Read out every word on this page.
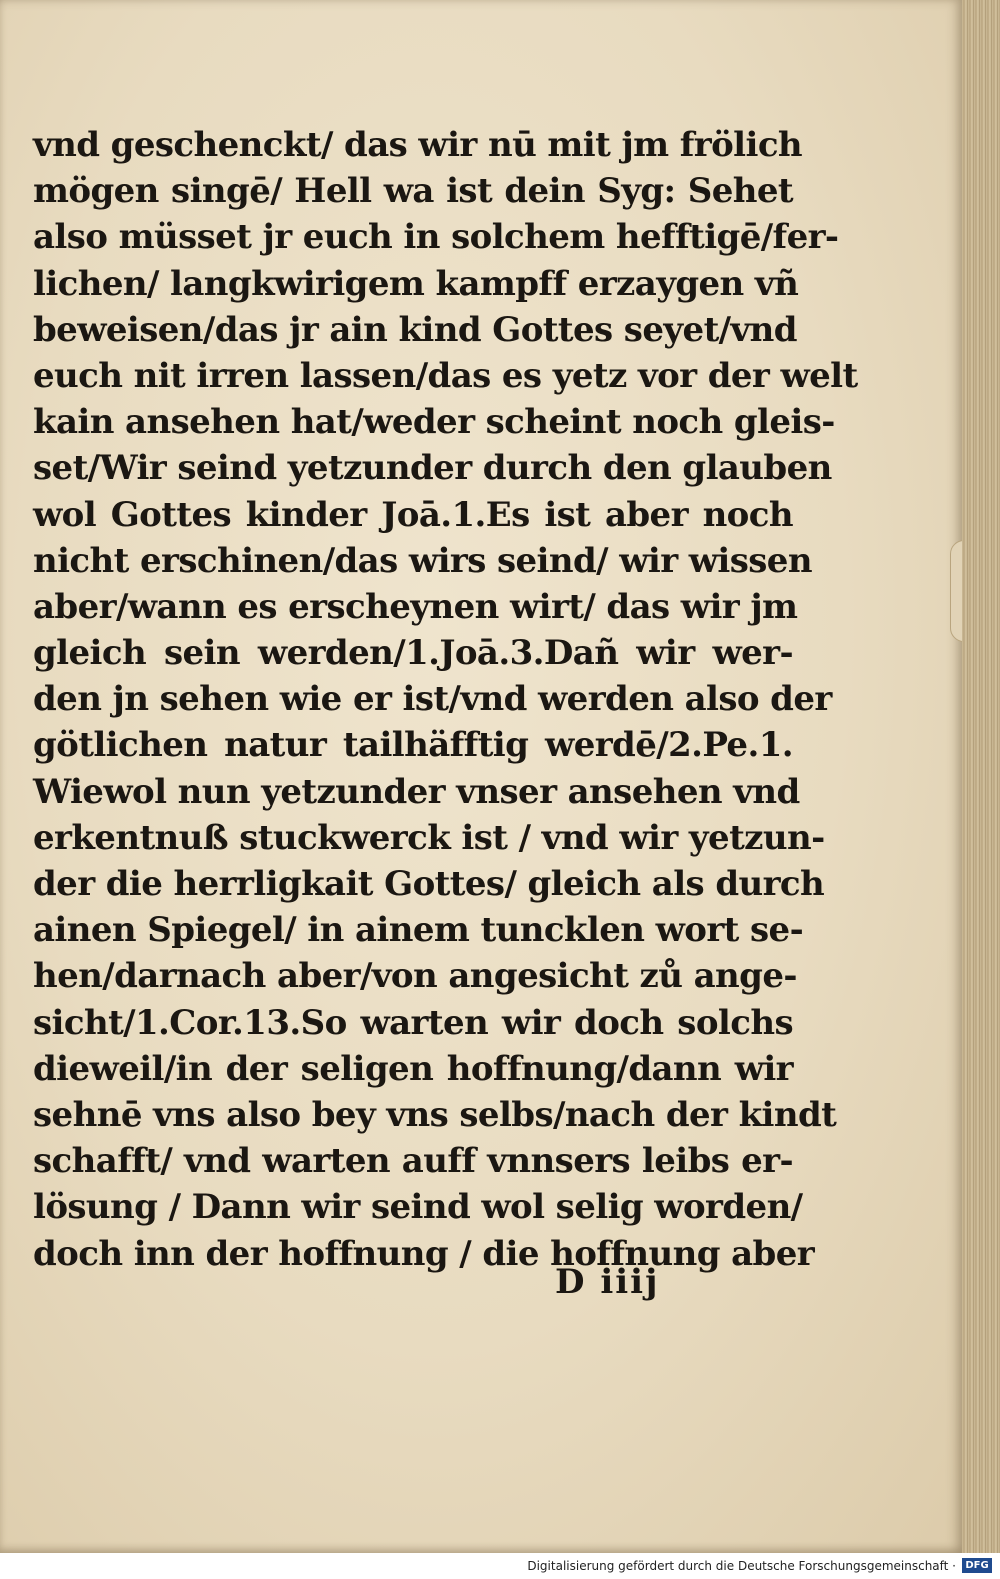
vnd geschenckt/ das wir nū mit jm frölich
mögen singē/ Hell wa ist dein Syg: Sehet
also müsset jr euch in solchem hefftigē/fer-
lichen/ langkwirigem kampff erzaygen vñ
beweisen/das jr ain kind Gottes seyet/vnd
euch nit irren lassen/das es yetz vor der welt
kain ansehen hat/weder scheint noch gleis-
set/Wir seind yetzunder durch den glauben
wol Gottes kinder Joā.1.Es ist aber noch
nicht erschinen/das wirs seind/ wir wissen
aber/wann es erscheynen wirt/ das wir jm
gleich sein werden/1.Joā.3.Dañ wir wer-
den jn sehen wie er ist/vnd werden also der
götlichen natur tailhäfftig werdē/2.Pe.1.
Wiewol nun yetzunder vnser ansehen vnd
erkentnuß stuckwerck ist / vnd wir yetzun-
der die herrligkait Gottes/ gleich als durch
ainen Spiegel/ in ainem tuncklen wort se-
hen/darnach aber/von angesicht zů ange-
sicht/1.Cor.13.So warten wir doch solchs
dieweil/in der seligen hoffnung/dann wir
sehnē vns also bey vns selbs/nach der kindt
schafft/ vnd warten auff vnnsers leibs er-
lösung / Dann wir seind wol selig worden/
doch inn der hoffnung / die hoffnung aber
D iiij
Digitalisierung gefördert durch die Deutsche Forschungsgemeinschaft · DFG
